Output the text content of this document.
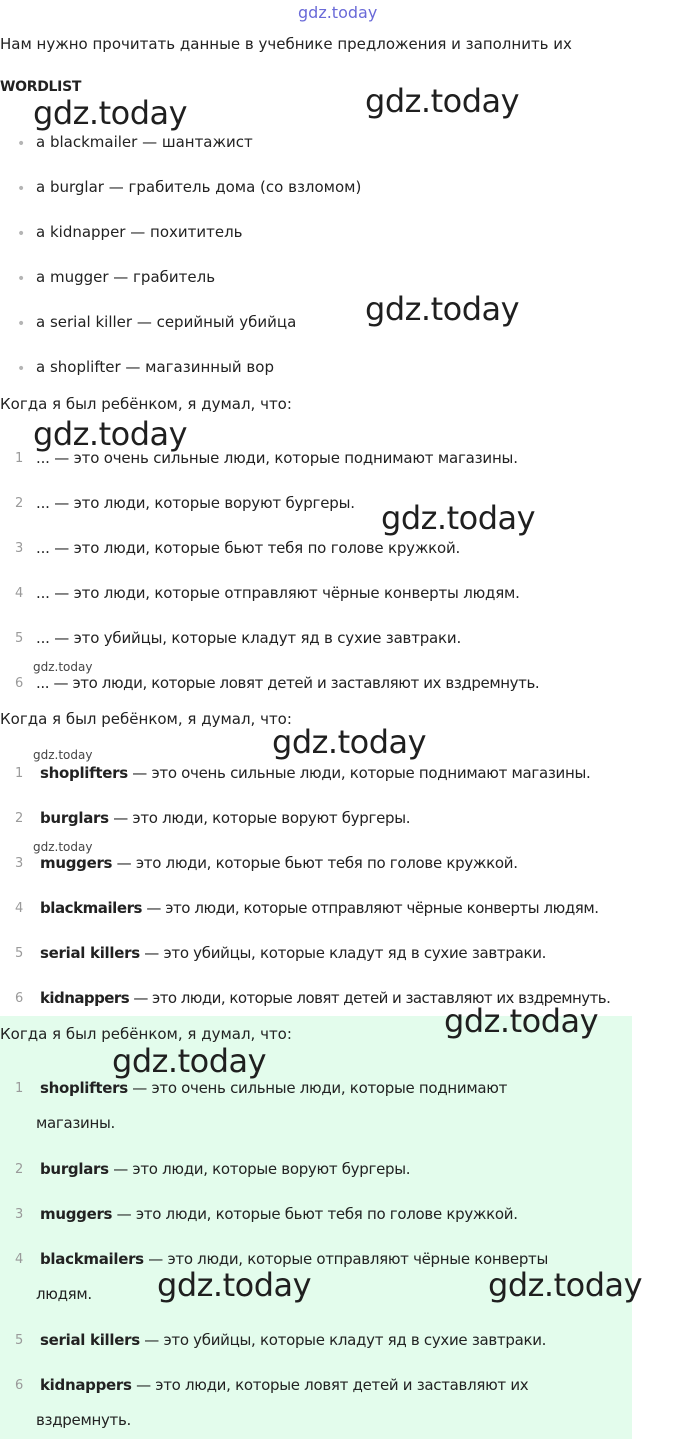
gdz.today
Нам нужно прочитать данные в учебнике предложения и заполнить их
WORDLIST
• a blackmailer — шантажист
• a burglar — грабитель дома (со взломом)
• a kidnapper — похититель
• a mugger — грабитель
• a serial killer — серийный убийца
• a shoplifter — магазинный вор
Когда я был ребёнком, я думал, что:
1 ... — это очень сильные люди, которые поднимают магазины.
2 ... — это люди, которые воруют бургеры.
3 ... — это люди, которые бьют тебя по голове кружкой.
4 ... — это люди, которые отправляют чёрные конверты людям.
5 ... — это убийцы, которые кладут яд в сухие завтраки.
6 ... — это люди, которые ловят детей и заставляют их вздремнуть.
Когда я был ребёнком, я думал, что:
1 shoplifters — это очень сильные люди, которые поднимают магазины.
2 burglars — это люди, которые воруют бургеры.
3 muggers — это люди, которые бьют тебя по голове кружкой.
4 blackmailers — это люди, которые отправляют чёрные конверты людям.
5 serial killers — это убийцы, которые кладут яд в сухие завтраки.
6 kidnappers — это люди, которые ловят детей и заставляют их вздремнуть.
Когда я был ребёнком, я думал, что:
1 shoplifters — это очень сильные люди, которые поднимают
магазины.
2 burglars — это люди, которые воруют бургеры.
3 muggers — это люди, которые бьют тебя по голове кружкой.
4 blackmailers — это люди, которые отправляют чёрные конверты
людям.
5 serial killers — это убийцы, которые кладут яд в сухие завтраки.
6 kidnappers — это люди, которые ловят детей и заставляют их
вздремнуть.
gdz.today	gdz.today
gdz.today
gdz.today
gdz.today
gdz.today
gdz.today
gdz.today
gdz.today
gdz.today
gdz.today
gdz.today	gdz.today
